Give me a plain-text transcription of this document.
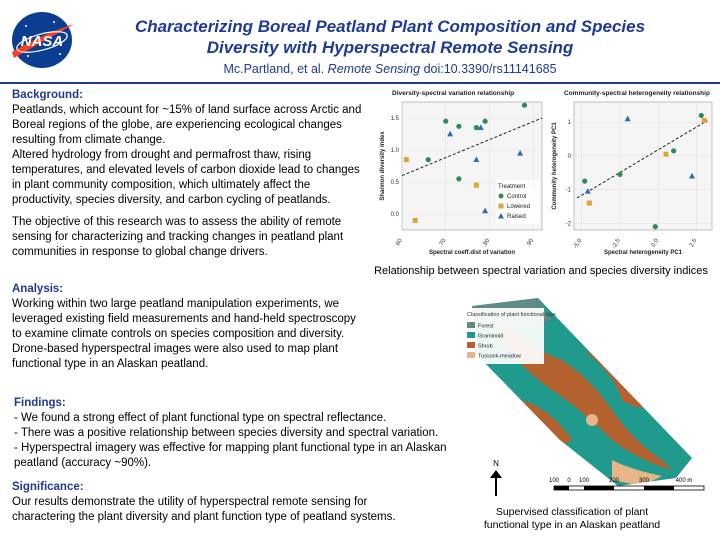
NASA
Characterizing Boreal Peatland Plant Composition and Species
Diversity with Hyperspectral Remote Sensing
Mc.Partland, et al. Remote Sensing doi:10.3390/rs11141685
Background:
Peatlands, which account for ~15% of land surface across Arctic and Boreal regions of the globe, are experiencing ecological changes resulting from climate change.
Altered hydrology from drought and permafrost thaw, rising temperatures, and elevated levels of carbon dioxide lead to changes in plant community composition, which ultimately affect the productivity, species diversity, and carbon cycling of peatlands.
The objective of this research was to assess the ability of remote sensing for characterizing and tracking changes in peatland plant communities in response to global change drivers.
Analysis:
Working within two large peatland manipulation experiments, we leveraged existing field measurements and hand-held spectroscopy to examine climate controls on species composition and diversity. Drone-based hyperspectral images were also used to map plant functional type in an Alaskan peatland.
Findings:
- We found a strong effect of plant functional type on spectral reflectance.
- There was a positive relationship between species diversity and spectral variation.
- Hyperspectral imagery was effective for mapping plant functional type in an Alaskan peatland (accuracy ~90%).
Significance:
Our results demonstrate the utility of hyperspectral remote sensing for charactering the plant diversity and plant function type of peatland systems.
Diversity-spectral variation relationship
0.0
0.5
1.0
1.5
.60	.70	.80	.90
Spectral coeff.dist of variation
Shannon diversity index	Treatment
Control
Lowered
Raised
Community-spectral heterogeneity relationship
-2
-1
0
1
-5.0	-2.5	0.0	2.5
Spectral heterogeneity PC1
Community heterogeneity PC1
Relationship between spectral variation and species diversity indices
Classification of plant functional type
Forest
Graminoid
Shrub
Tussock-meadow
N
100 0 100	200	300	400 m
Supervised classification of plant functional type in an Alaskan peatland
